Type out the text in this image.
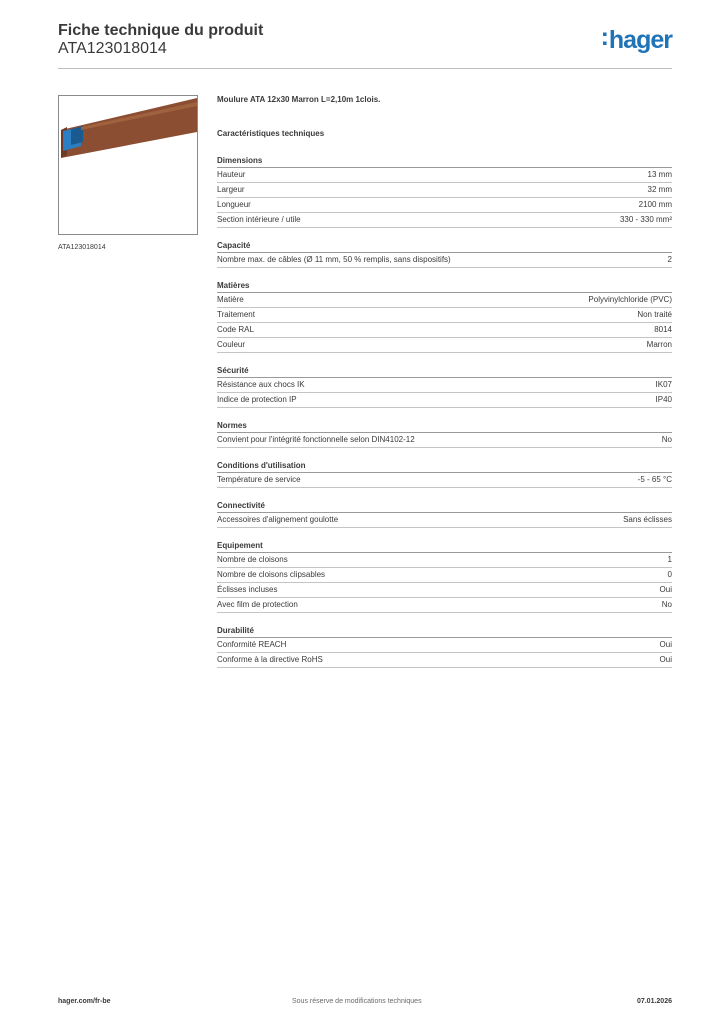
Fiche technique du produit
ATA123018014	:hager
ATA123018014
Moulure ATA 12x30 Marron L=2,10m 1clois.
Caractéristiques techniques
Dimensions
Hauteur	13 mm
Largeur	32 mm
Longueur	2100 mm
Section intérieure / utile	330 - 330 mm²
Capacité
Nombre max. de câbles (Ø 11 mm, 50 % remplis, sans dispositifs)	2
Matières
Matière	Polyvinylchloride (PVC)
Traitement	Non traité
Code RAL	8014
Couleur	Marron
Sécurité
Résistance aux chocs IK	IK07
Indice de protection IP	IP40
Normes
Convient pour l'intégrité fonctionnelle selon DIN4102-12	No
Conditions d'utilisation
Température de service	-5 - 65 °C
Connectivité
Accessoires d'alignement goulotte	Sans éclisses
Equipement
Nombre de cloisons	1
Nombre de cloisons clipsables	0
Éclisses incluses	Oui
Avec film de protection	No
Durabilité
Conformité REACH	Oui
Conforme à la directive RoHS	Oui
hager.com/fr-be	Sous réserve de modifications techniques	07.01.2026
